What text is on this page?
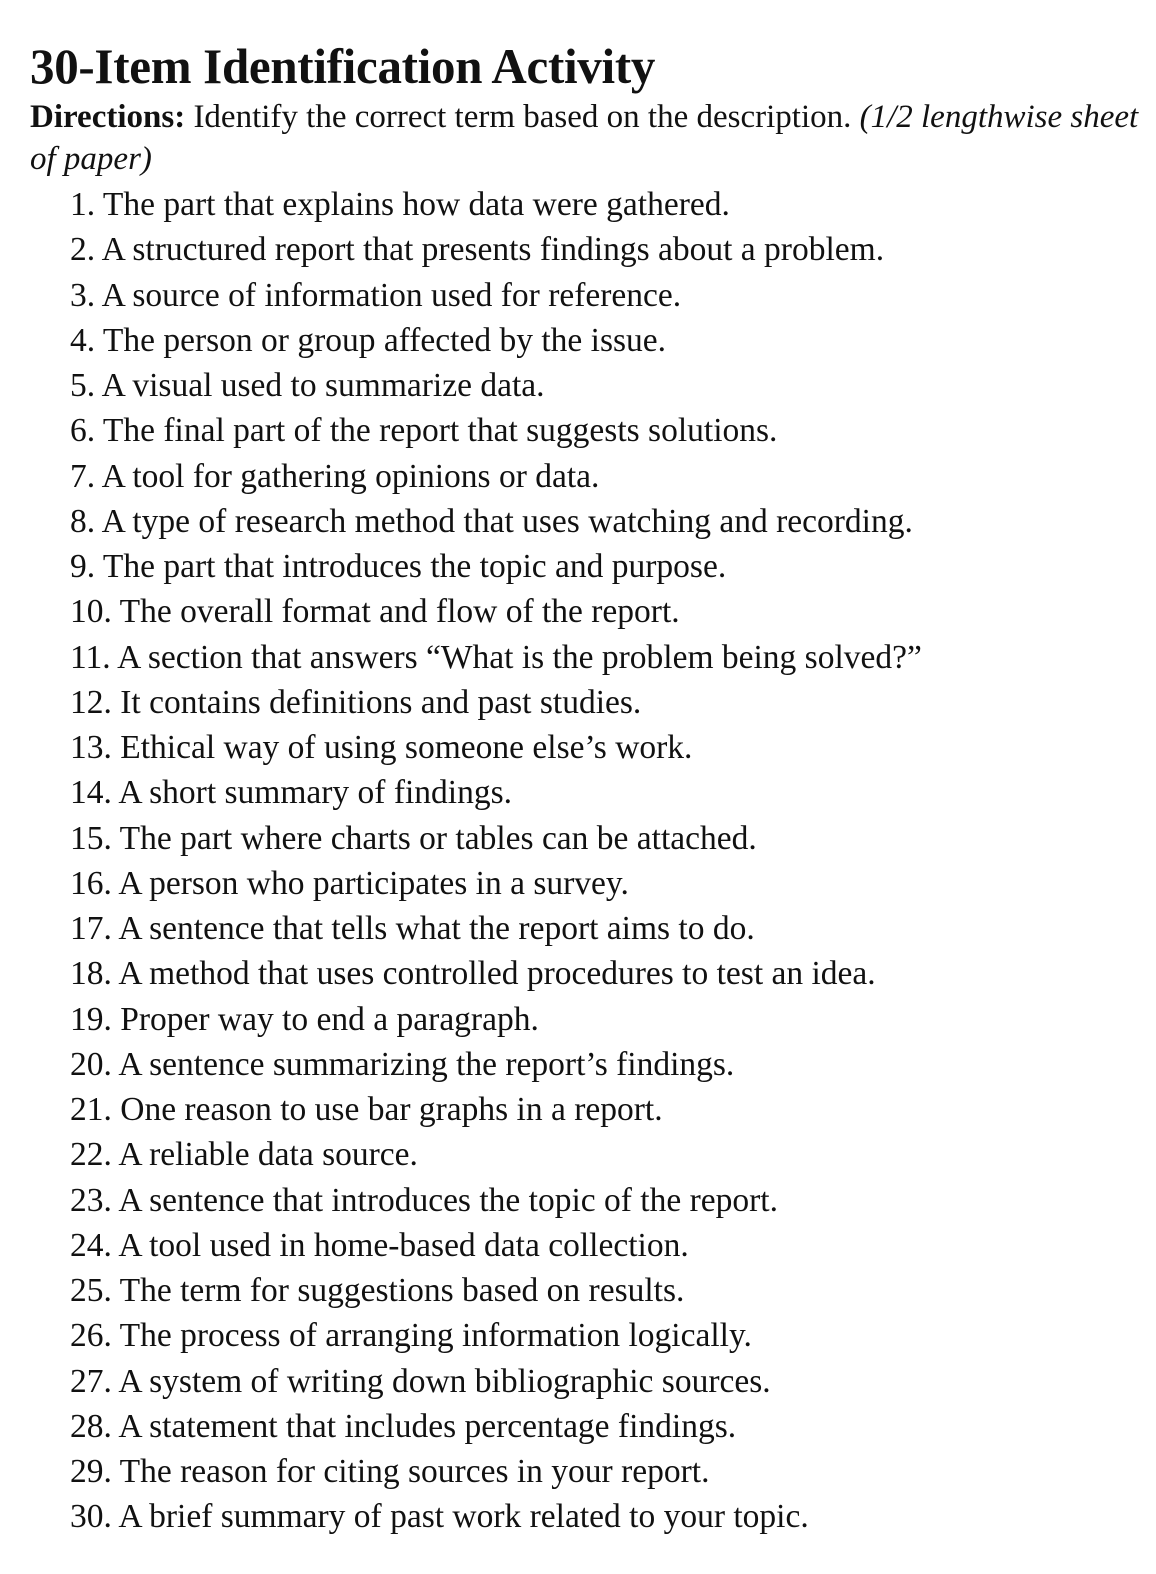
30-Item Identification Activity

Directions: Identify the correct term based on the description. (1/2 lengthwise sheet of paper)

1. The part that explains how data were gathered.
2. A structured report that presents findings about a problem.
3. A source of information used for reference.
4. The person or group affected by the issue.
5. A visual used to summarize data.
6. The final part of the report that suggests solutions.
7. A tool for gathering opinions or data.
8. A type of research method that uses watching and recording.
9. The part that introduces the topic and purpose.
10. The overall format and flow of the report.
11. A section that answers “What is the problem being solved?”
12. It contains definitions and past studies.
13. Ethical way of using someone else’s work.
14. A short summary of findings.
15. The part where charts or tables can be attached.
16. A person who participates in a survey.
17. A sentence that tells what the report aims to do.
18. A method that uses controlled procedures to test an idea.
19. Proper way to end a paragraph.
20. A sentence summarizing the report’s findings.
21. One reason to use bar graphs in a report.
22. A reliable data source.
23. A sentence that introduces the topic of the report.
24. A tool used in home-based data collection.
25. The term for suggestions based on results.
26. The process of arranging information logically.
27. A system of writing down bibliographic sources.
28. A statement that includes percentage findings.
29. The reason for citing sources in your report.
30. A brief summary of past work related to your topic.
